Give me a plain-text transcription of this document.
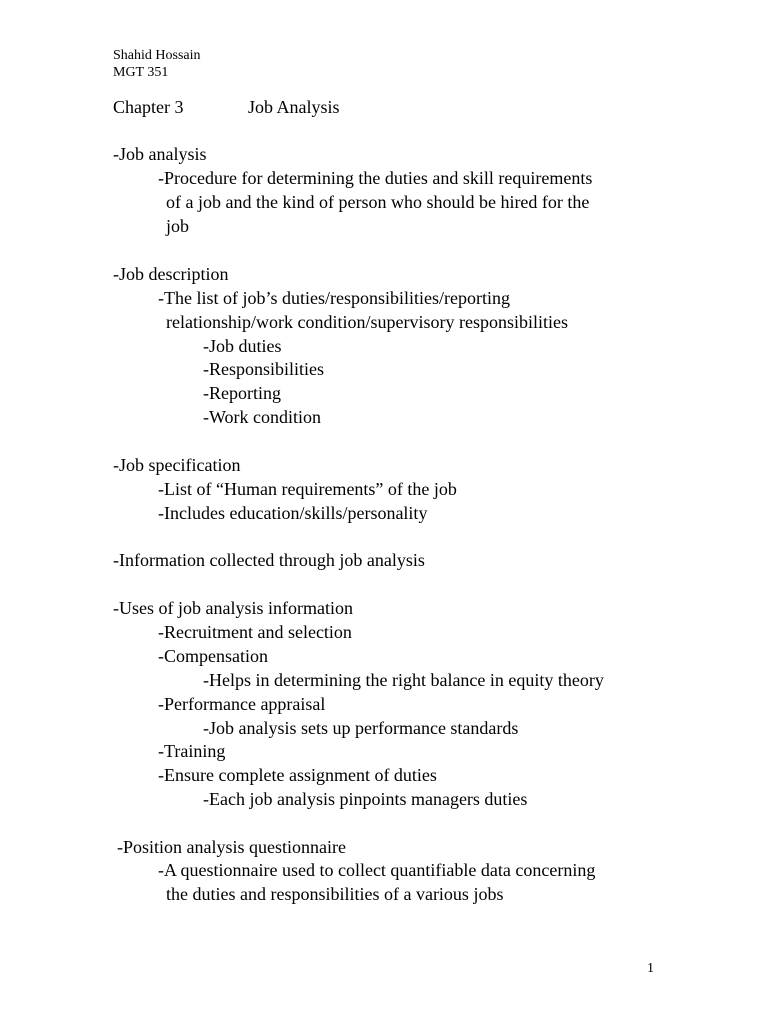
Shahid Hossain
MGT 351
Chapter 3	Job Analysis
-Job analysis
-Procedure for determining the duties and skill requirements
of a job and the kind of person who should be hired for the
job
-Job description
-The list of job’s duties/responsibilities/reporting
relationship/work condition/supervisory responsibilities
-Job duties
-Responsibilities
-Reporting
-Work condition
-Job specification
-List of “Human requirements” of the job
-Includes education/skills/personality
-Information collected through job analysis
-Uses of job analysis information
-Recruitment and selection
-Compensation
-Helps in determining the right balance in equity theory
-Performance appraisal
-Job analysis sets up performance standards
-Training
-Ensure complete assignment of duties
-Each job analysis pinpoints managers duties
-Position analysis questionnaire
-A questionnaire used to collect quantifiable data concerning
the duties and responsibilities of a various jobs
1
